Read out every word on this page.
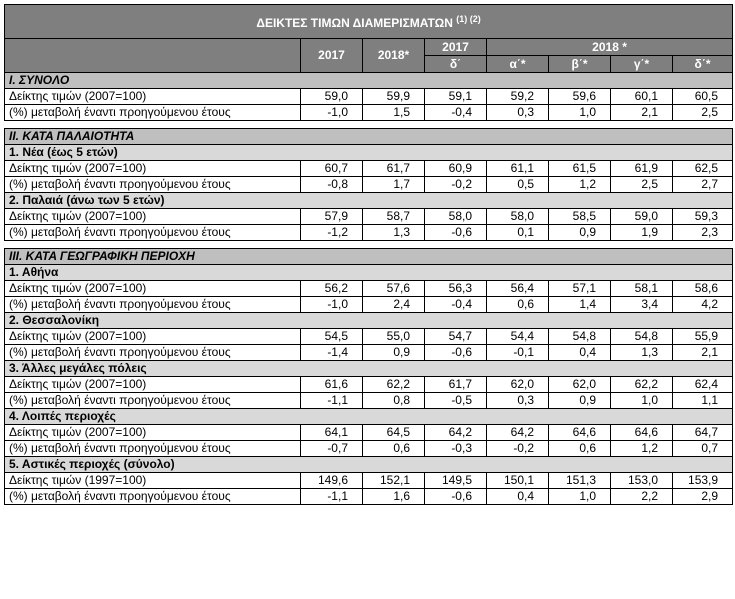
ΔΕΙΚΤΕΣ ΤΙΜΩΝ ΔΙΑΜΕΡΙΣΜΑΤΩΝ $^{(1) (2)}$
	2017	2018*	2017	2018 *			
			δ΄	α΄*	β΄*	γ΄*	δ΄*
Ι. ΣΥΝΟΛΟ							
Δείκτης τιμών (2007=100)	59,0	59,9	59,1	59,2	59,6	60,1	60,5
(%) μεταβολή έναντι προηγούμενου έτους	-1,0	1,5	-0,4	0,3	1,0	2,1	2,5

ΙΙ. ΚΑΤΑ ΠΑΛΑΙΟΤΗΤΑ							
1. Νέα (έως 5 ετών)							
Δείκτης τιμών (2007=100)	60,7	61,7	60,9	61,1	61,5	61,9	62,5
(%) μεταβολή έναντι προηγούμενου έτους	-0,8	1,7	-0,2	0,5	1,2	2,5	2,7
2. Παλαιά (άνω των 5 ετών)							
Δείκτης τιμών (2007=100)	57,9	58,7	58,0	58,0	58,5	59,0	59,3
(%) μεταβολή έναντι προηγούμενου έτους	-1,2	1,3	-0,6	0,1	0,9	1,9	2,3

ΙΙΙ. ΚΑΤΑ ΓΕΩΓΡΑΦΙΚΗ ΠΕΡΙΟΧΗ							
1. Αθήνα							
Δείκτης τιμών (2007=100)	56,2	57,6	56,3	56,4	57,1	58,1	58,6
(%) μεταβολή έναντι προηγούμενου έτους	-1,0	2,4	-0,4	0,6	1,4	3,4	4,2
2. Θεσσαλονίκη							
Δείκτης τιμών (2007=100)	54,5	55,0	54,7	54,4	54,8	54,8	55,9
(%) μεταβολή έναντι προηγούμενου έτους	-1,4	0,9	-0,6	-0,1	0,4	1,3	2,1
3. Άλλες μεγάλες πόλεις							
Δείκτης τιμών (2007=100)	61,6	62,2	61,7	62,0	62,0	62,2	62,4
(%) μεταβολή έναντι προηγούμενου έτους	-1,1	0,8	-0,5	0,3	0,9	1,0	1,1
4. Λοιπές περιοχές							
Δείκτης τιμών (2007=100)	64,1	64,5	64,2	64,2	64,6	64,6	64,7
(%) μεταβολή έναντι προηγούμενου έτους	-0,7	0,6	-0,3	-0,2	0,6	1,2	0,7
5. Αστικές περιοχές (σύνολο)							
Δείκτης τιμών (1997=100)	149,6	152,1	149,5	150,1	151,3	153,0	153,9
(%) μεταβολή έναντι προηγούμενου έτους	-1,1	1,6	-0,6	0,4	1,0	2,2	2,9
